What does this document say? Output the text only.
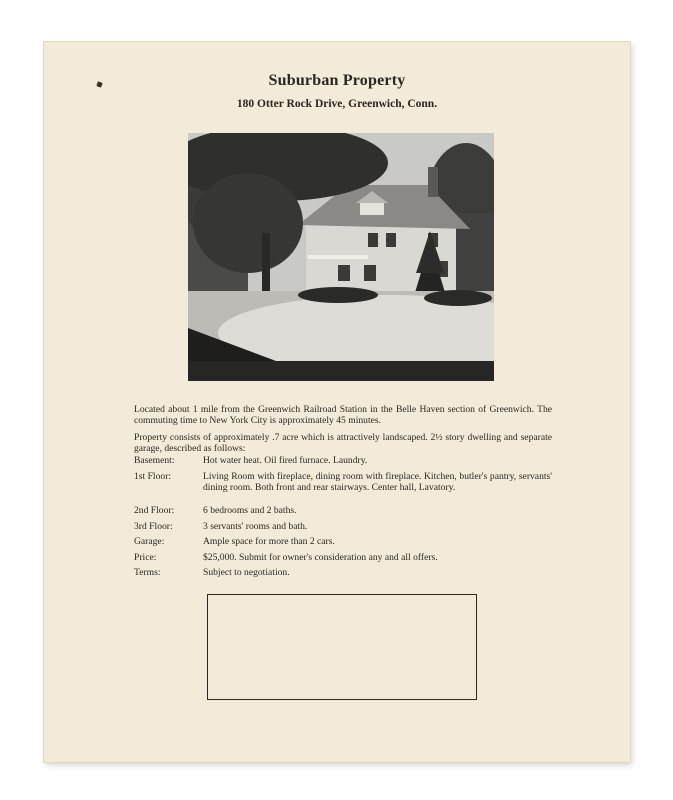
Suburban Property
180 Otter Rock Drive, Greenwich, Conn.

Located about 1 mile from the Greenwich Railroad Station in the Belle Haven section of Greenwich. The commuting time to New York City is approximately 45 minutes.

Property consists of approximately .7 acre which is attractively landscaped. 2½ story dwelling and separate garage, described as follows:

Basement:	Hot water heat. Oil fired furnace. Laundry.
1st Floor:	Living Room with fireplace, dining room with fireplace. Kitchen, butler's pantry, servants' dining room. Both front and rear stairways. Center hall, Lavatory.
2nd Floor:	6 bedrooms and 2 baths.
3rd Floor:	3 servants' rooms and bath.
Garage:	Ample space for more than 2 cars.
Price:	$25,000. Submit for owner's consideration any and all offers.
Terms:	Subject to negotiation.
